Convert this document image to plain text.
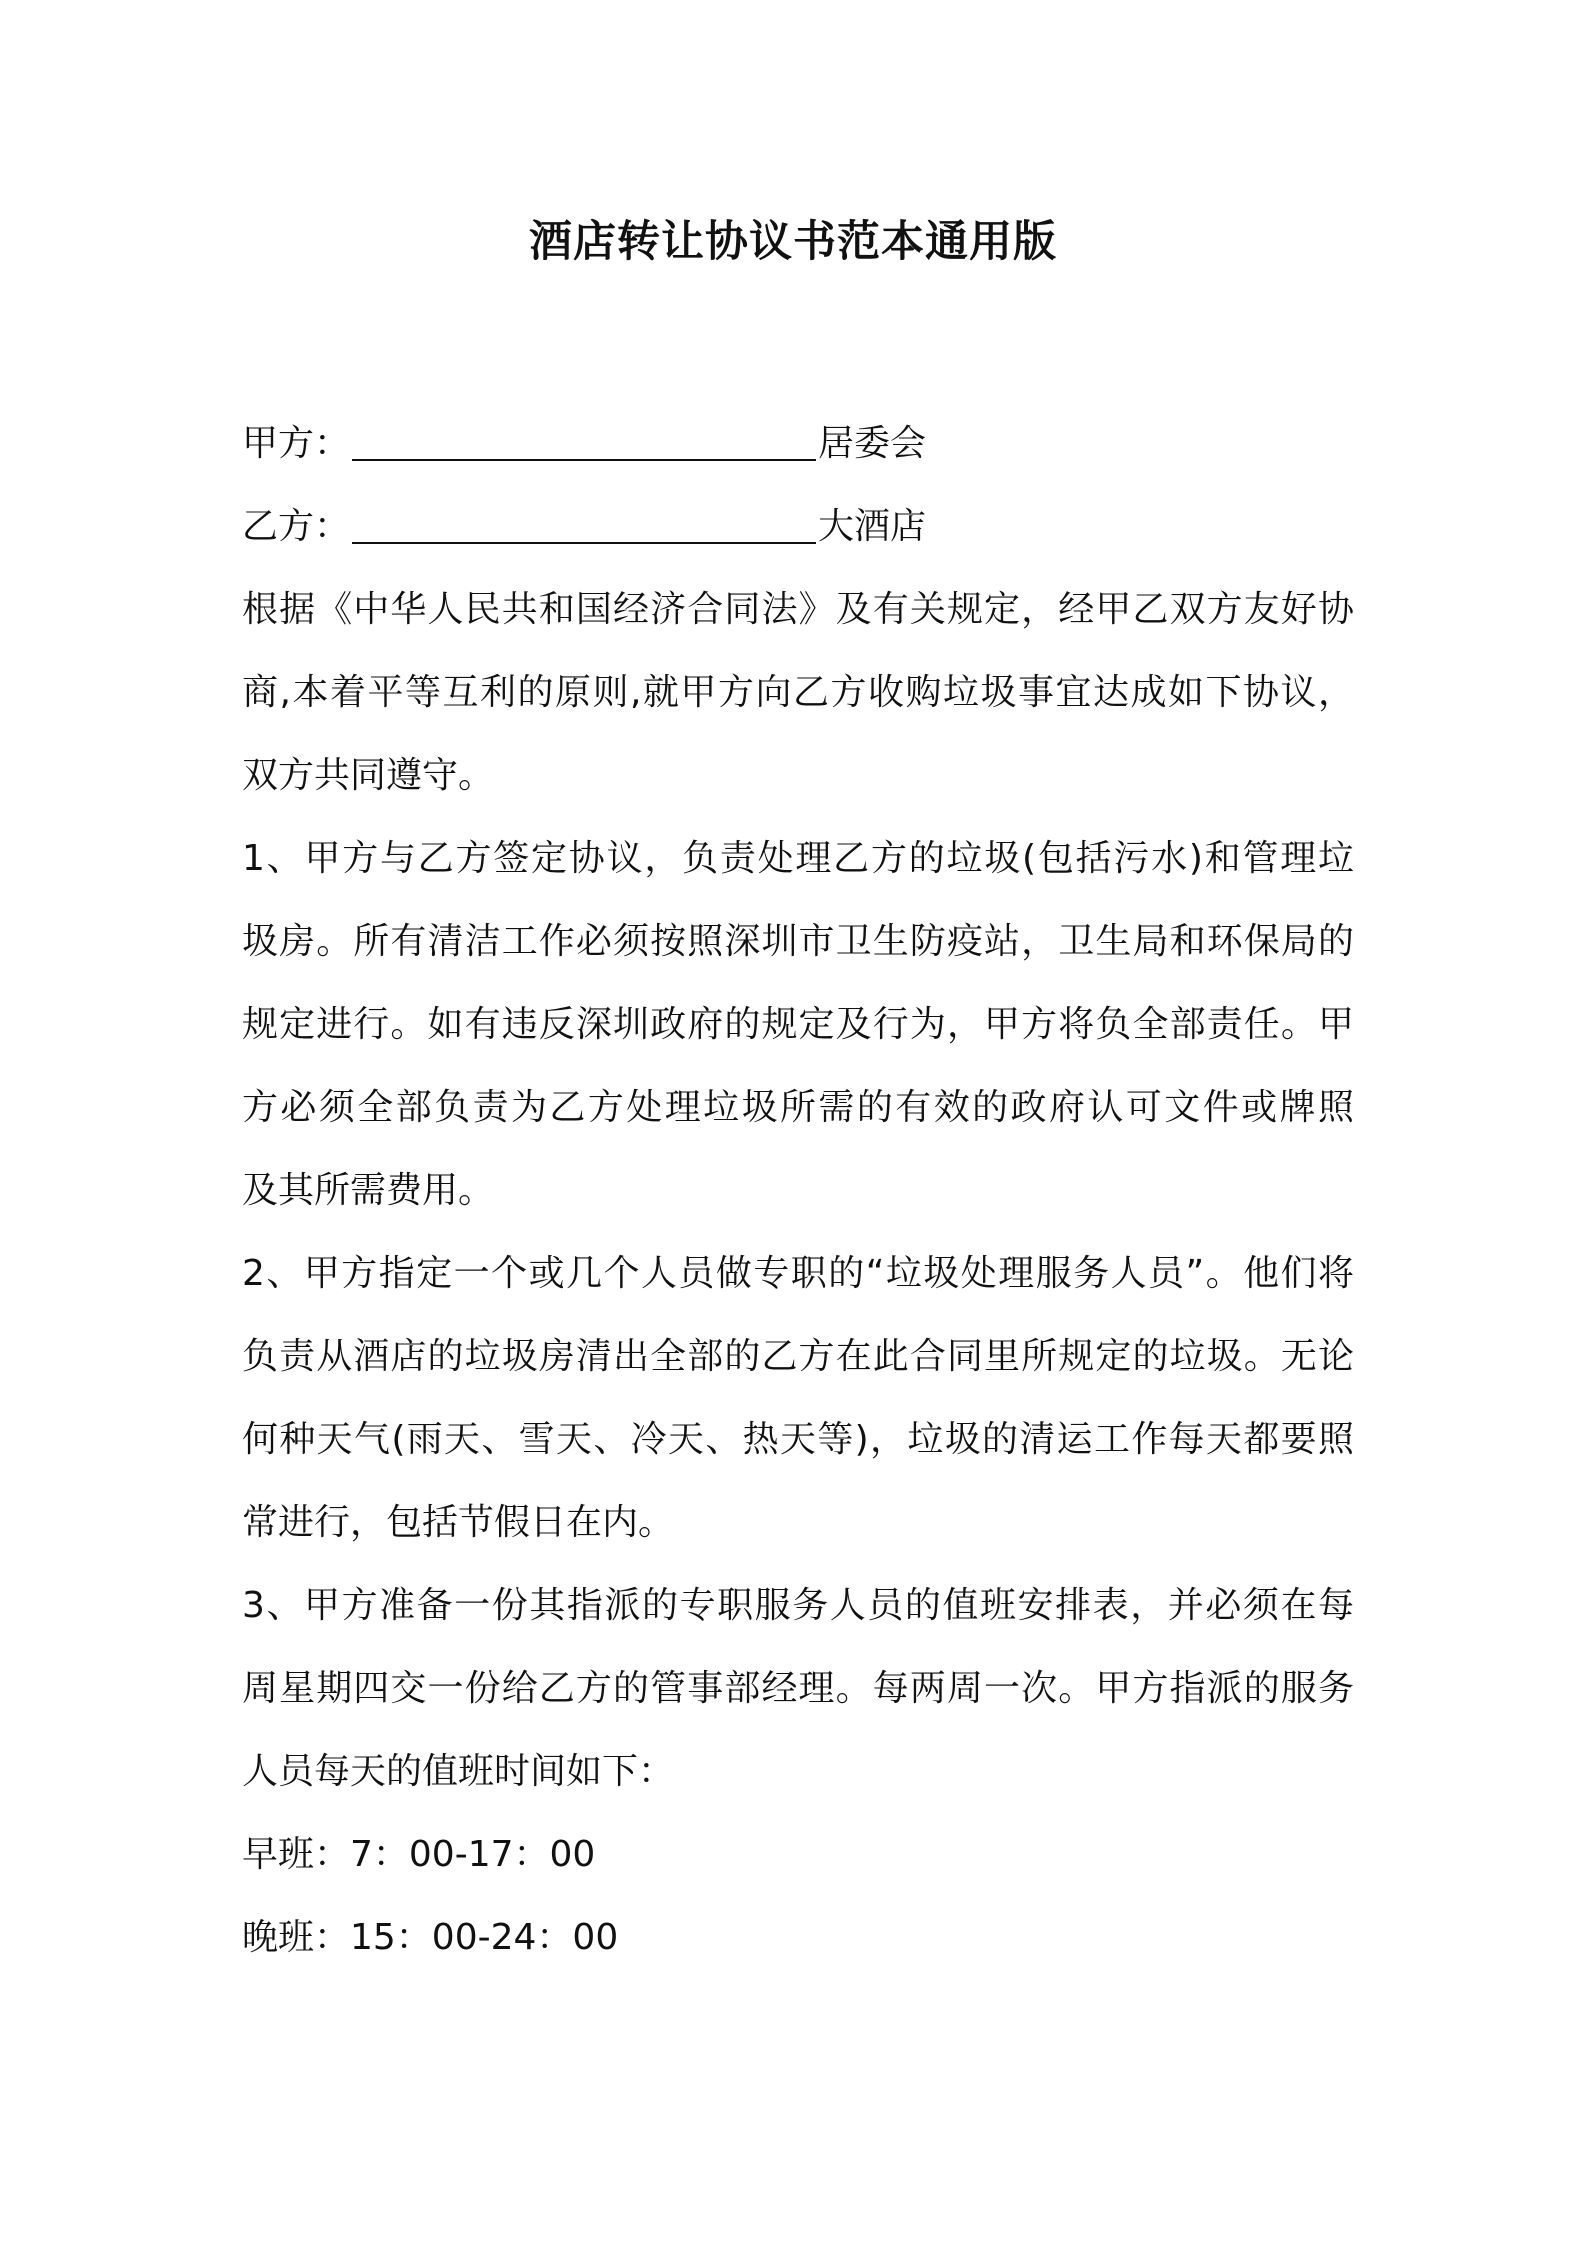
酒店转让协议书范本通用版
甲方：	居委会
乙方：	大酒店
根据《中华人民共和国经济合同法》及有关规定，经甲乙双方友好协
商,本着平等互利的原则,就甲方向乙方收购垃圾事宜达成如下协议，
双方共同遵守。
1、甲方与乙方签定协议，负责处理乙方的垃圾(包括污水)和管理垃
圾房。所有清洁工作必须按照深圳市卫生防疫站，卫生局和环保局的
规定进行。如有违反深圳政府的规定及行为，甲方将负全部责任。甲
方必须全部负责为乙方处理垃圾所需的有效的政府认可文件或牌照
及其所需费用。
2、甲方指定一个或几个人员做专职的“垃圾处理服务人员”。他们将
负责从酒店的垃圾房清出全部的乙方在此合同里所规定的垃圾。无论
何种天气(雨天、雪天、冷天、热天等)，垃圾的清运工作每天都要照
常进行，包括节假日在内。
3、甲方准备一份其指派的专职服务人员的值班安排表，并必须在每
周星期四交一份给乙方的管事部经理。每两周一次。甲方指派的服务
人员每天的值班时间如下：
早班：7：00-17：00
晚班：15：00-24：00
